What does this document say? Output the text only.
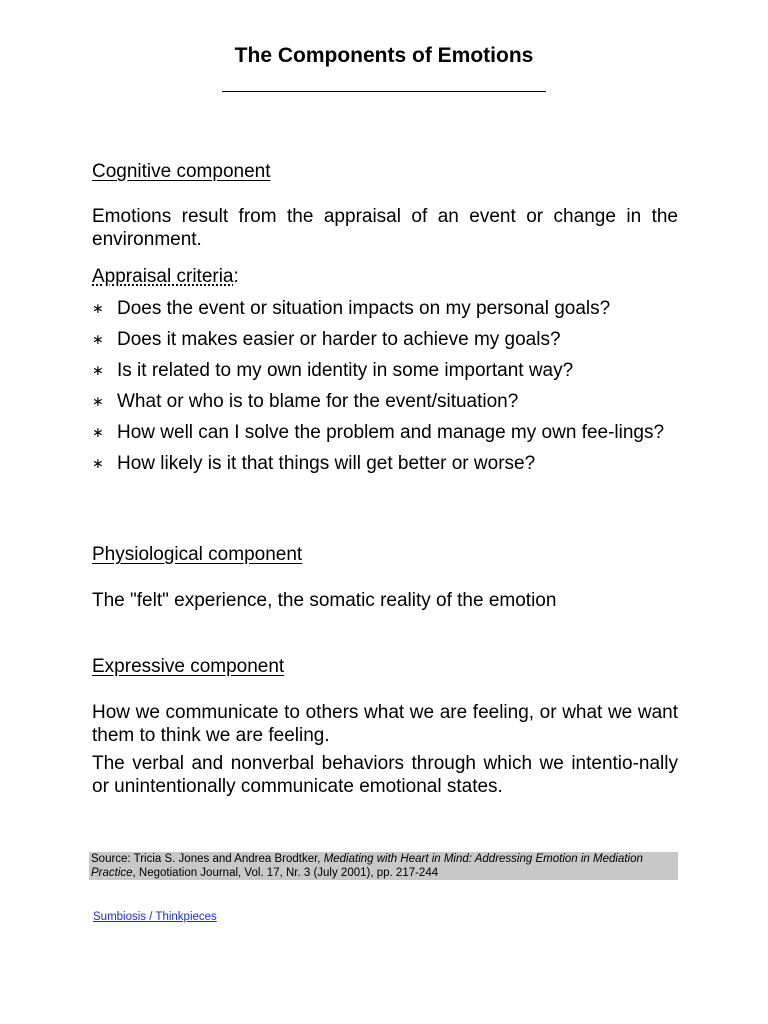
The Components of Emotions
Cognitive component
Emotions result from the appraisal of an event or change in the environment.
Appraisal criteria:
∗ Does the event or situation impacts on my personal goals?
∗ Does it makes easier or harder to achieve my goals?
∗ Is it related to my own identity in some important way?
∗ What or who is to blame for the event/situation?
∗ How well can I solve the problem and manage my own fee-lings?
∗ How likely is it that things will get better or worse?
Physiological component
The "felt" experience, the somatic reality of the emotion
Expressive component
How we communicate to others what we are feeling, or what we want them to think we are feeling.
The verbal and nonverbal behaviors through which we intentio-nally or unintentionally communicate emotional states.
Source: Tricia S. Jones and Andrea Brodtker, Mediating with Heart in Mind: Addressing Emotion in Mediation Practice, Negotiation Journal, Vol. 17, Nr. 3 (July 2001), pp. 217-244
Sumbiosis / Thinkpieces
